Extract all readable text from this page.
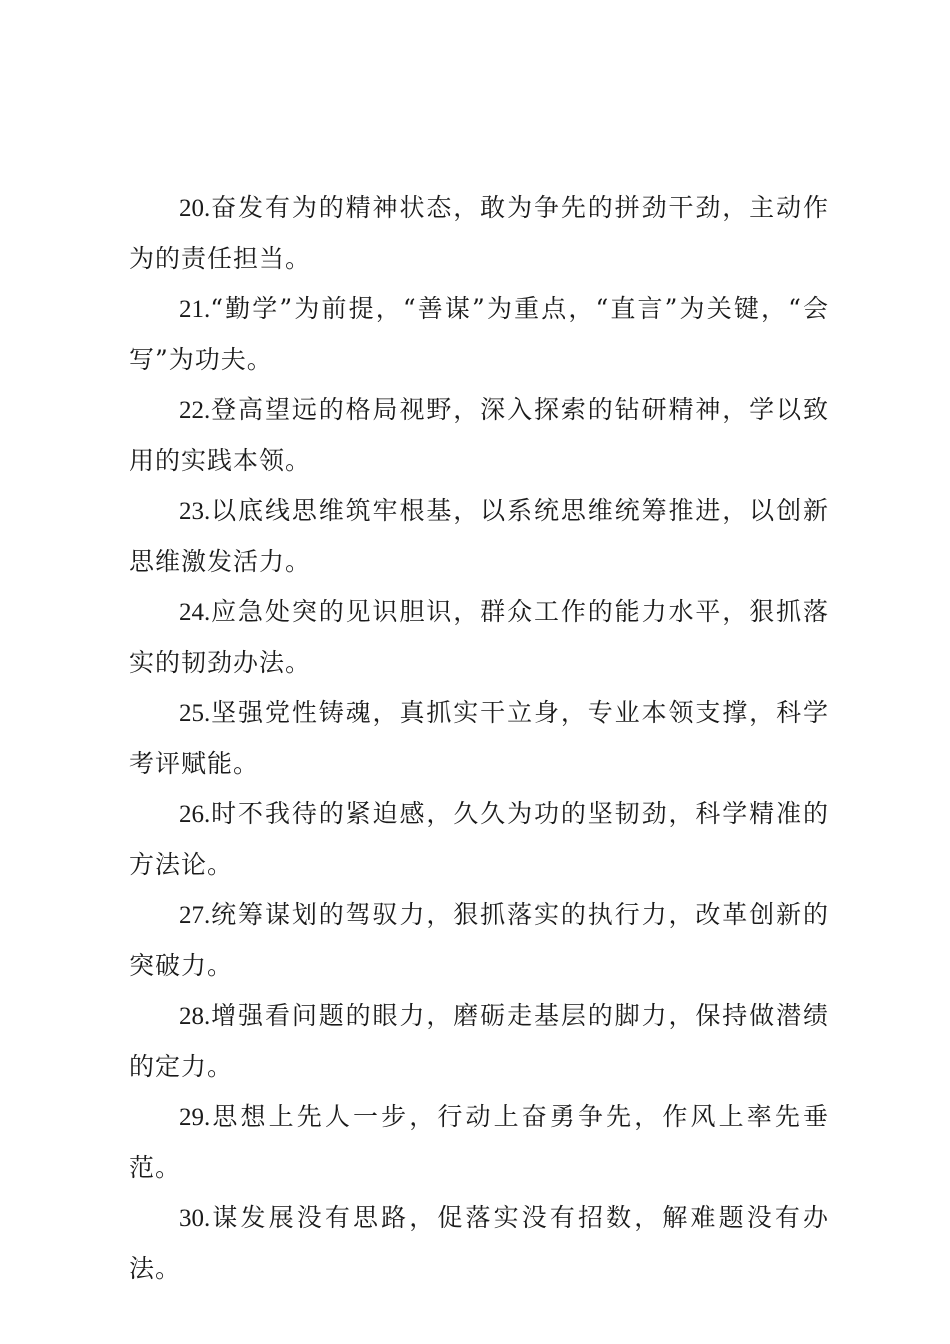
20.奋发有为的精神状态，敢为争先的拼劲干劲，主动作为的责任担当。

21.“勤学”为前提，“善谋”为重点，“直言”为关键，“会写”为功夫。

22.登高望远的格局视野，深入探索的钻研精神，学以致用的实践本领。

23.以底线思维筑牢根基，以系统思维统筹推进，以创新思维激发活力。

24.应急处突的见识胆识，群众工作的能力水平，狠抓落实的韧劲办法。

25.坚强党性铸魂，真抓实干立身，专业本领支撑，科学考评赋能。

26.时不我待的紧迫感，久久为功的坚韧劲，科学精准的方法论。

27.统筹谋划的驾驭力，狠抓落实的执行力，改革创新的突破力。

28.增强看问题的眼力，磨砺走基层的脚力，保持做潜绩的定力。

29.思想上先人一步，行动上奋勇争先，作风上率先垂范。

30.谋发展没有思路，促落实没有招数，解难题没有办法。
